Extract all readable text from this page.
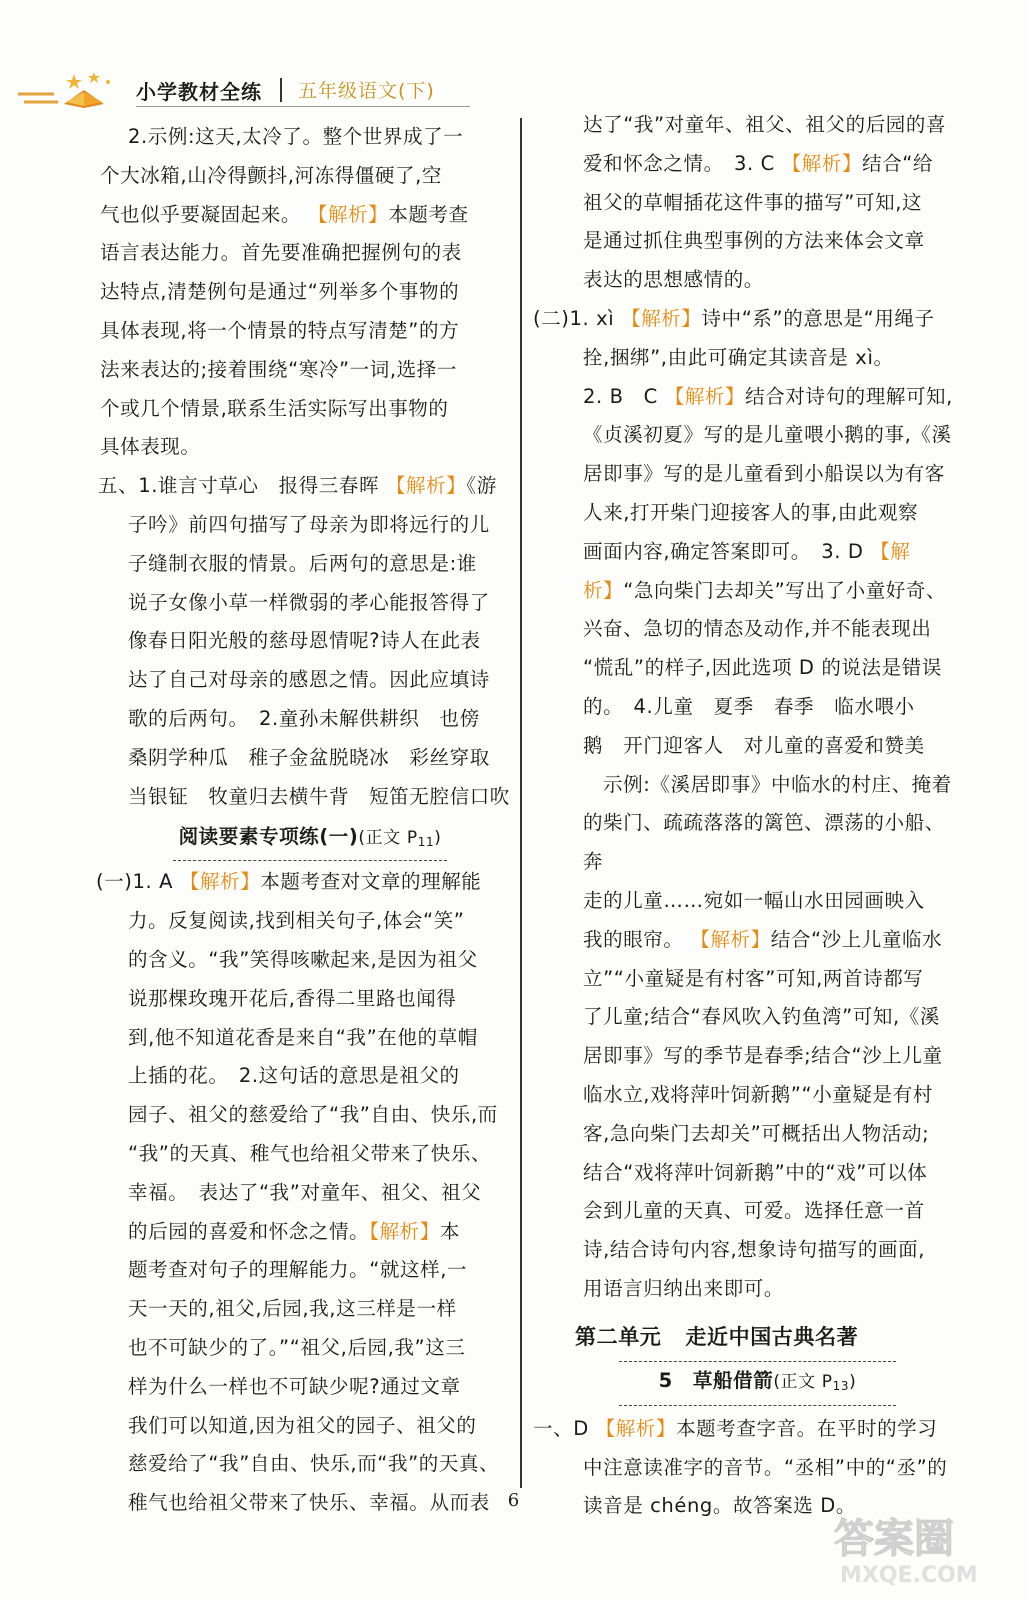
小学教材全练 五年级语文(下)

2.示例:这天,太冷了。整个世界成了一

个大冰箱,山冷得颤抖,河冻得僵硬了,空

气也似乎要凝固起来。 【 解析 】 本题考查

语言表达能力。首先要准确把握例句的表

达特点,清楚例句是通过“列举多个事物的

具体表现,将一个情景的特点写清楚”的方

法来表达的;接着围绕“寒冷”一词,选择一

个或几个情景,联系生活实际写出事物的

具体表现。

五、1.谁言寸草心　报得三春晖 【 解析 】 《游

子吟》前四句描写了母亲为即将远行的儿

子缝制衣服的情景。后两句的意思是:谁

说子女像小草一样微弱的孝心能报答得了

像春日阳光般的慈母恩情呢?诗人在此表

达了自己对母亲的感恩之情。因此应填诗

歌的后两句。　2.童孙未解供耕织　也傍

桑阴学种瓜　稚子金盆脱晓冰　彩丝穿取

当银钲　牧童归去横牛背　短笛无腔信口吹

阅读要素专项练(一)(正文 $P_{11}$)

(一)1. A 【 解析 】 本题考查对文章的理解能

力。反复阅读,找到相关句子,体会“笑”

的含义。“我”笑得咳嗽起来,是因为祖父

说那棵玫瑰开花后,香得二里路也闻得

到,他不知道花香是来自“我”在他的草帽

上插的花。　2.这句话的意思是祖父的

园子、祖父的慈爱给了“我”自由、快乐,而

“我”的天真、稚气也给祖父带来了快乐、

幸福。　表达了“我”对童年、祖父、祖父

的后园的喜爱和怀念之情。 【 解析 】 本

题考查对句子的理解能力。“就这样,一

天一天的,祖父,后园,我,这三样是一样

也不可缺少的了。”“祖父,后园,我”这三

样为什么一样也不可缺少呢?通过文章

我们可以知道,因为祖父的园子、祖父的

慈爱给了“我”自由、快乐,而“我”的天真、

稚气也给祖父带来了快乐、幸福。从而表

达了“我”对童年、祖父、祖父的后园的喜

爱和怀念之情。　3. C 【 解析 】 结合“给

祖父的草帽插花这件事的描写”可知,这

是通过抓住典型事例的方法来体会文章

表达的思想感情的。

(二)1. xì 【 解析 】 诗中“系”的意思是“用绳子

拴,捆绑”,由此可确定其读音是 xì。

2. B　C 【 解析 】 结合对诗句的理解可知,

《贞溪初夏》写的是儿童喂小鹅的事,《溪

居即事》写的是儿童看到小船误以为有客

人来,打开柴门迎接客人的事,由此观察

画面内容,确定答案即可。　3. D 【解

析】“急向柴门去却关”写出了小童好奇、

兴奋、急切的情态及动作,并不能表现出

“慌乱”的样子,因此选项 D 的说法是错误

的。　4.儿童　夏季　春季　临水喂小

鹅　开门迎客人　对儿童的喜爱和赞美

示例:《溪居即事》中临水的村庄、掩着

的柴门、疏疏落落的篱笆、漂荡的小船、奔

走的儿童……宛如一幅山水田园画映入

我的眼帘。 【 解析 】 结合“沙上儿童临水

立”“小童疑是有村客”可知,两首诗都写

了儿童;结合“春风吹入钓鱼湾”可知,《溪

居即事》写的季节是春季;结合“沙上儿童

临水立,戏将萍叶饲新鹅”“小童疑是有村

客,急向柴门去却关”可概括出人物活动;

结合“戏将萍叶饲新鹅”中的“戏”可以体

会到儿童的天真、可爱。选择任意一首

诗,结合诗句内容,想象诗句描写的画面,

用语言归纳出来即可。

第二单元 走近中国古典名著
5　草船借箭(正文 $P_{13}$)

一、D 【 解析 】 本题考查字音。在平时的学习

中注意读准字的音节。“丞相”中的“丞”的

读音是 chéng。故答案选 D。

6
答案圈
MXQE.COM
